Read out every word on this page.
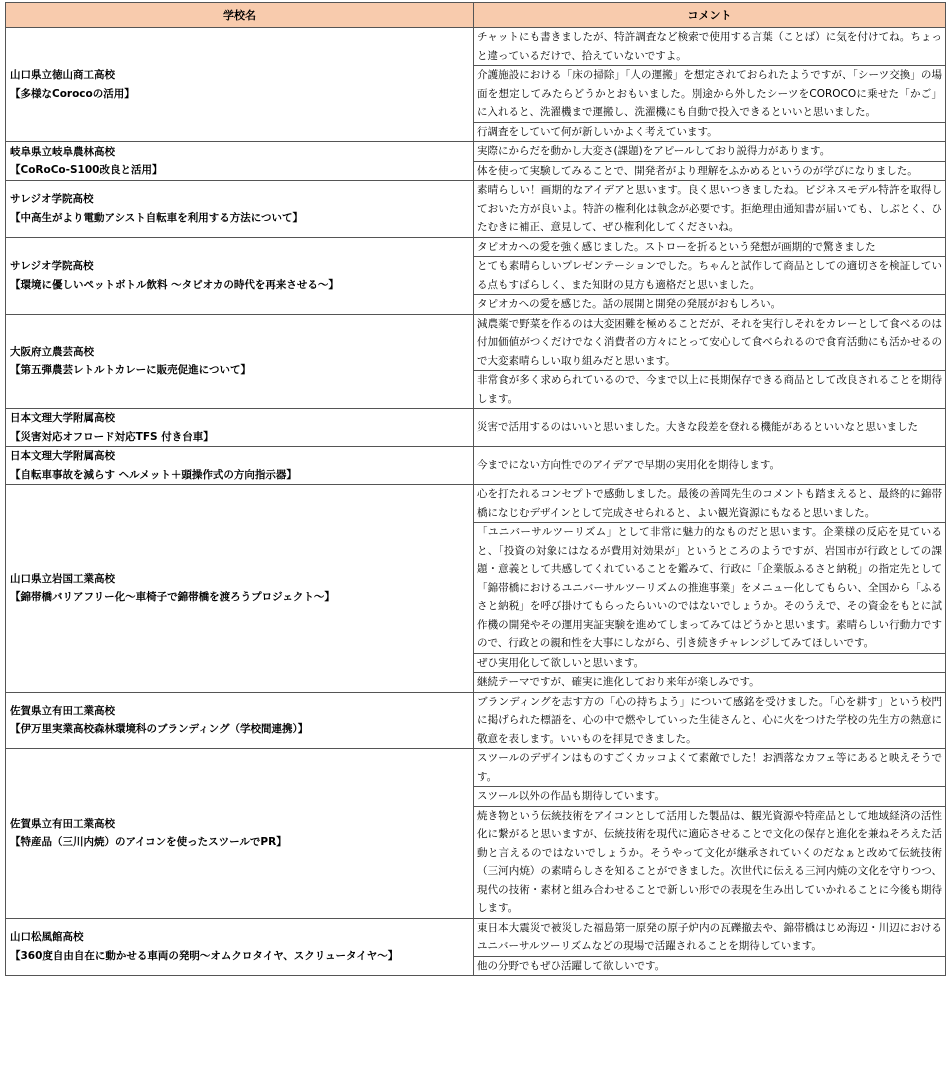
学校名	コメント

山口県立徳山商工高校
【多様なCorocoの活用】	チャットにも書きましたが、特許調査など検索で使用する言葉（ことば）に気を付けてね。ちょっと違っているだけで、拾えていないですよ。
	介護施設における「床の掃除」「人の運搬」を想定されておられたようですが、「シーツ交換」の場面を想定してみたらどうかとおもいました。別途から外したシーツをCOROCOに乗せた「かご」に入れると、洗濯機まで運搬し、洗濯機にも自動で投入できるといいと思いました。
	行調査をしていて何が新しいかよく考えています。

岐阜県立岐阜農林高校
【CoRoCo-S100改良と活用】	実際にからだを動かし大変さ(課題)をアピールしており説得力があります。
	体を使って実験してみることで、開発者がより理解をふかめるというのが学びになりました。

サレジオ学院高校
【中高生がより電動アシスト自転車を利用する方法について】	素晴らしい！画期的なアイデアと思います。良く思いつきましたね。ビジネスモデル特許を取得しておいた方が良いよ。特許の権利化は執念が必要です。拒絶理由通知書が届いても、しぶとく、ひたむきに補正、意見して、ぜひ権利化してくださいね。

サレジオ学院高校
【環境に優しいペットボトル飲料 ～タピオカの時代を再来させる～】	タピオカへの愛を強く感じました。ストローを折るという発想が画期的で驚きました
	とても素晴らしいプレゼンテーションでした。ちゃんと試作して商品としての適切さを検証している点もすばらしく、また知財の見方も適格だと思いました。
	タピオカへの愛を感じた。話の展開と開発の発展がおもしろい。

大阪府立農芸高校
【第五弾農芸レトルトカレーに販売促進について】	減農薬で野菜を作るのは大変困難を極めることだが、それを実行しそれをカレーとして食べるのは付加価値がつくだけでなく消費者の方々にとって安心して食べられるので食育活動にも活かせるので大変素晴らしい取り組みだと思います。
	非常食が多く求められているので、今まで以上に長期保存できる商品として改良されることを期待します。

日本文理大学附属高校
【災害対応オフロード対応TFS 付き台車】	災害で活用するのはいいと思いました。大きな段差を登れる機能があるといいなと思いました

日本文理大学附属高校
【自転車事故を減らす ヘルメット＋頭操作式の方向指示器】	今までにない方向性でのアイデアで早期の実用化を期待します。

山口県立岩国工業高校
【錦帯橋バリアフリー化～車椅子で錦帯橋を渡ろうプロジェクト～】	心を打たれるコンセプトで感動しました。最後の善岡先生のコメントも踏まえると、最終的に錦帯橋になじむデザインとして完成させられると、よい観光資源にもなると思いました。
	「ユニバーサルツーリズム」として非常に魅力的なものだと思います。企業様の反応を見ていると、「投資の対象にはなるが費用対効果が」というところのようですが、岩国市が行政としての課題・意義として共感してくれていることを鑑みて、行政に「企業版ふるさと納税」の指定先として「錦帯橋におけるユニバーサルツーリズムの推進事業」をメニュー化してもらい、全国から「ふるさと納税」を呼び掛けてもらったらいいのではないでしょうか。そのうえで、その資金をもとに試作機の開発やその運用実証実験を進めてしまってみてはどうかと思います。素晴らしい行動力ですので、行政との親和性を大事にしながら、引き続きチャレンジしてみてほしいです。
	ぜひ実用化して欲しいと思います。
	継続テーマですが、確実に進化しており来年が楽しみです。

佐賀県立有田工業高校
【伊万里実業高校森林環境科のブランディング（学校間連携）】	ブランディングを志す方の「心の持ちよう」について感銘を受けました。「心を耕す」という校門に掲げられた標語を、心の中で燃やしていった生徒さんと、心に火をつけた学校の先生方の熱意に敬意を表します。いいものを拝見できました。

佐賀県立有田工業高校
【特産品（三川内焼）のアイコンを使ったスツールでPR】	スツールのデザインはものすごくカッコよくて素敵でした！お洒落なカフェ等にあると映えそうです。
	スツール以外の作品も期待しています。
	焼き物という伝統技術をアイコンとして活用した製品は、観光資源や特産品として地域経済の活性化に繋がると思いますが、伝統技術を現代に適応させることで文化の保存と進化を兼ねそろえた活動と言えるのではないでしょうか。そうやって文化が継承されていくのだなぁと改めて伝統技術（三河内焼）の素晴らしさを知ることができました。次世代に伝える三河内焼の文化を守りつつ、現代の技術・素材と組み合わせることで新しい形での表現を生み出していかれることに今後も期待します。

山口松風館高校
【360度自由自在に動かせる車両の発明～オムクロタイヤ、スクリュータイヤ～】	東日本大震災で被災した福島第一原発の原子炉内の瓦礫撤去や、錦帯橋はじめ海辺・川辺におけるユニバーサルツーリズムなどの現場で活躍されることを期待しています。
	他の分野でもぜひ活躍して欲しいです。
